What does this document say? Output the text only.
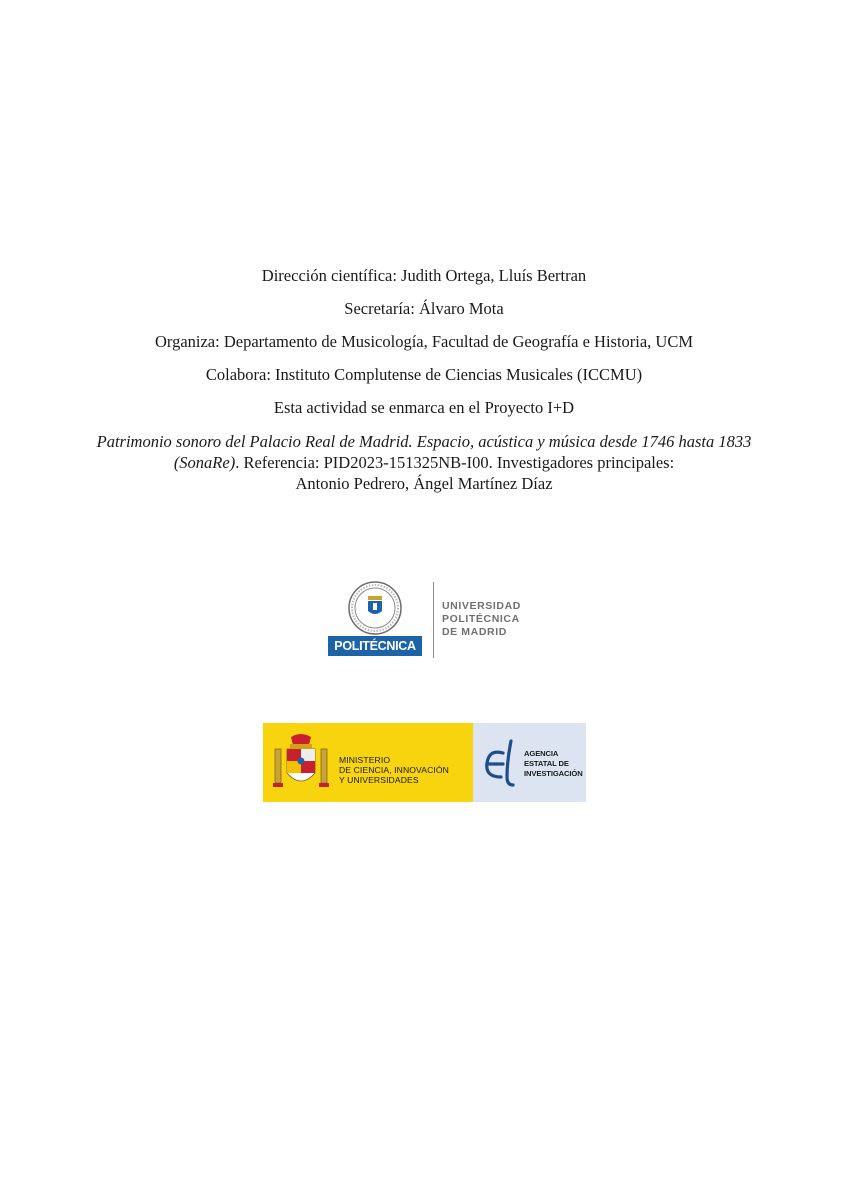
Dirección científica: Judith Ortega, Lluís Bertran

Secretaría: Álvaro Mota

Organiza: Departamento de Musicología, Facultad de Geografía e Historia, UCM

Colabora: Instituto Complutense de Ciencias Musicales (ICCMU)

Esta actividad se enmarca en el Proyecto I+D

Patrimonio sonoro del Palacio Real de Madrid. Espacio, acústica y música desde 1746 hasta 1833
(SonaRe). Referencia: PID2023-151325NB-I00. Investigadores principales:
Antonio Pedrero, Ángel Martínez Díaz

POLITÉCNICA
UNIVERSIDAD
POLITÉCNICA
DE MADRID
MINISTERIO
DE CIENCIA, INNOVACIÓN
Y UNIVERSIDADES
AGENCIA
ESTATAL DE
INVESTIGACIÓN
